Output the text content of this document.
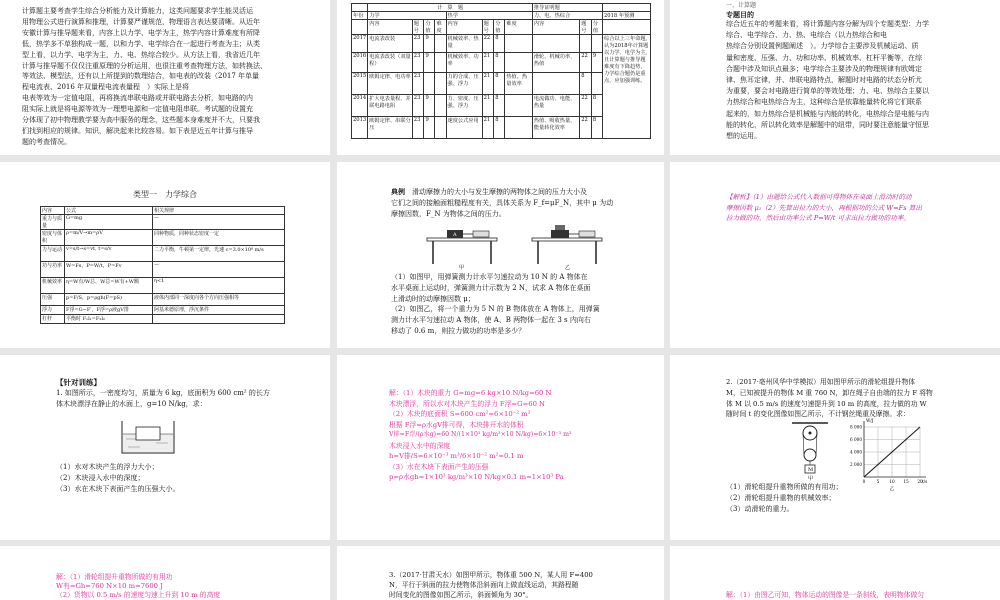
计算题主要考查学生综合分析能力及计算能力，这类问题要求学生能灵活运
用物理公式进行演算和推理，计算要严谨规范，物理语言表达要清晰。从近年
安徽计算与推导题来看，内容上以力学、电学为主，热学内容计算难度有所降
低，热学多不单独构成一题，以和力学、电学综合在一起进行考查为主；从类
型上看，以力学、电学为主，力、电、热综合较少。从方法上看，我省近几年
计算与推导题不仅仅注重原理的分析运用，也很注重考查物理方法，如转换法、
等效法、模型法，还有以上所提到的数理结合，如电表的改装（2017 年单量
程电流表、2016 年双量程电流表量程　）实际上是将
电表等效为一定值电阻，再将换流串联电路或并联电路去分析，如电路的内
阻实际上就是将电源等效为一理想电源和一定值电阻串联。考试题的设置充
分体现了初中物理教学要为高中服务的理念，这些题本身难度并不大，只要我
们找到相应的规律。知识，解决起来比较容易。如下表是近五年计算与推导
题的考查情况。
	计　 算　 题								推导证明题			
年份	力学				热学				力、电、热综合			2018 年预测
	内容	题号	分值	难度	内容	题号	分值	难度	内容	题号	分值	
2017	电流表改装	23	9		机械效率、热量	22	8					综合以上三年命题,认为2018年计算题以力学、电学为主,且计算题与推导题难度有下降趋势，力学综合题仍是重点，应加强训练。
2016	电流表改装（双量程）	23	9		机械效率、功率	21	8		滑轮、机械功率、热值	22	9	
2015	欧姆定律、电功率	23			力的合成、压强、浮力	21	8	热值、热量效率		8		
2014	扩大电表量程、并联电路电阻	23	9		力、密度、压强、浮力	21	8		电流做功、电能、热量	22	8	
2013	欧姆定律、串联分压	23	9		速度公式应用	21	8		热值、吸收热量、能量转化效率	22	8	
一、计算题
专题目的
综合近五年的考题来看，将计算题内容分解为四个专题类型：力学
综合、电学综合、力、热、电综合（以力热综合和电
热综合分别设置例题阐述　）。力学综合主要涉及机械运动、质
量和密度、压强、力、功和功率、机械效率、杠杆平衡等，在综
合题中涉及知识点最多；电学综合主要涉及的物理规律有欧姆定
律、焦耳定律，并、串联电路特点，解题时对电路的状态分析尤
为重要，要会对电路进行简单的等效处理；力、电、热综合主要以
力热综合和电热综合为主，这种综合是依靠能量转化将它们联系
起来的，如力热综合是机械能与内能的转化，电热综合是电能与内
能的转化，所以转化效率是解题中的纽带，同时要注意能量守恒思
想的运用。
类型一　力学综合
内容	公式	相关规律
重力与质量	G=mg	—
密度与体积	ρ=m/V→m=ρV	同种物质，同种状态密度一定
力与运动	v=s/t→s=vt, t=s/v	二力平衡，牛顿第一定律，光速 c=3.0×10⁸ m/s
功与功率	W=Fs，P=W/t，P=Fv	—
机械效率	η=W有/W总，W总=W有+W额	η<1
压强	p=F/S，p=ρgh(F=pS)	液体内部同一深度向各个方向压强相等
浮力	F浮=G−F′，F浮=ρ液gV排	阿基米德原理，浮沉条件
杠杆	平衡时 F₁l₁=F₂l₂	
典例　 滑动摩擦力的大小与发生摩擦的两物体之间的压力大小及
它们之间的接触面粗糙程度有关，具体关系为 F_f=μF_N，其中 μ 为动
摩擦因数，F_N 为物体之间的压力。
A
甲	乙
（1）如图甲，用弹簧测力计水平匀速拉动为 10 N 的 A 物体在
水平桌面上运动时，弹簧测力计示数为 2 N，试求 A 物体在桌面
上滑动时的动摩擦因数 μ；
（2）如图乙，将一个重力为 5 N 的 B 物体放在 A 物体上，用弹簧
测力计水平匀速拉动 A 物体，使 A、B 两物体一起在 3 s 内向右
移动了 0.6 m，则拉力做功的功率是多少？
【解析】（1）由题给公式代入数据可得物体在桌面上滑动时的动
摩擦因数 μ₁（2）先算出拉力的大小，再根据功的公式 W=Fs 算出
拉力做的功，然后由功率公式 P=W/t 可求出拉力做功的功率。
【针对训练】
1. 如图所示，一密度均匀，质量为 6 kg，底面积为 600 cm² 的长方
体木块漂浮在静止的水面上，g=10 N/kg，求：
（1）水对木块产生的浮力大小；
（2）木块浸入水中的深度；
（3）水在木块下表面产生的压强大小。
解：（1）木块的重力 G=mg=6 kg×10 N/kg=60 N
木块漂浮，所以水对木块产生的浮力 F浮=G=60 N
（2）木块的底面积 S=600 cm²=6×10⁻² m²
根据 F浮=ρ水gV排可得，木块排开水的体积
V排=F浮/(ρ水g)=60 N/(1×10³ kg/m³×10 N/kg)=6×10⁻³ m³
木块浸入水中的深度
h=V排/S=6×10⁻³ m³/6×10⁻² m²=0.1 m
（3）水在木块下表面产生的压强
p=ρ水gh=1×10³ kg/m³×10 N/kg×0.1 m=1×10³ Pa
2.（2017·亳州风华中学模拟）用如图甲所示的滑轮组提升物体
M，已知被提升的物体 M 重 760 N，卸在绳子自由端的拉力 F 将物
体 M 以 0.5 m/s 的速度匀速提升到 10 m 的高度，拉力做的功 W
随时间 t 的变化图像如图乙所示，不计钢丝绳重及摩擦。求：
M
甲
2 000
4 000
6 000
8 000
0	5 10 15 20
W/J
t/s
乙
（1）滑轮组提升重物所做的有用功；
（2）滑轮组提升重物的机械效率；
（3）动滑轮的重力。
解：（1）滑轮组提升重物所做的有用功
W有=Gh=760 N×10 m=7600 J
（2）货物以 0.5 m/s 的速度匀速上升到 10 m 的高度
3.（2017·甘肃天水）如图甲所示，物体重 500 N，某人用 F=400
N，平行于斜面的拉力使物体沿斜面向上做直线运动，其路程随
时间变化的图像如图乙所示，斜面倾角为 30°。	解：（1）由图乙可知，物体运动的图像是一条斜线，表明物体做匀
